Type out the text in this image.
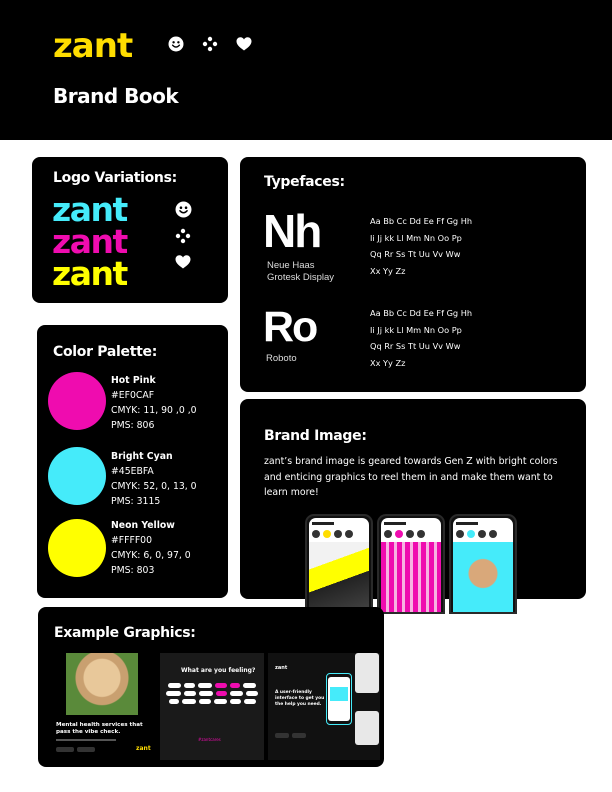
zant
Brand Book
Logo Variations:
zant
zant
zant
Typefaces:
Nh
Neue Haas
Grotesk Display
Aa Bb Cc Dd Ee Ff Gg Hh
Ii Jj kk Ll Mm Nn Oo Pp
Qq Rr Ss Tt Uu Vv Ww
Xx Yy Zz
Ro
Roboto
Aa Bb Cc Dd Ee Ff Gg Hh
Ii Jj kk Ll Mm Nn Oo Pp
Qq Rr Ss Tt Uu Vv Ww
Xx Yy Zz
Color Palette:
Hot Pink
#EF0CAF
CMYK: 11, 90 ,0 ,0
PMS: 806
Bright Cyan
#45EBFA
CMYK: 52, 0, 13, 0
PMS: 3115
Neon Yellow
#FFFF00
CMYK: 6, 0, 97, 0
PMS: 803
Brand Image:
zant’s brand image is geared towards Gen Z with bright colors and enticing graphics to reel them in and make them want to learn more!
Example Graphics:
Mental health services that
pass the vibe check.
zant
What are you feeling?
#zantcares
zant
A user-friendly
interface to get you
the help you need.
